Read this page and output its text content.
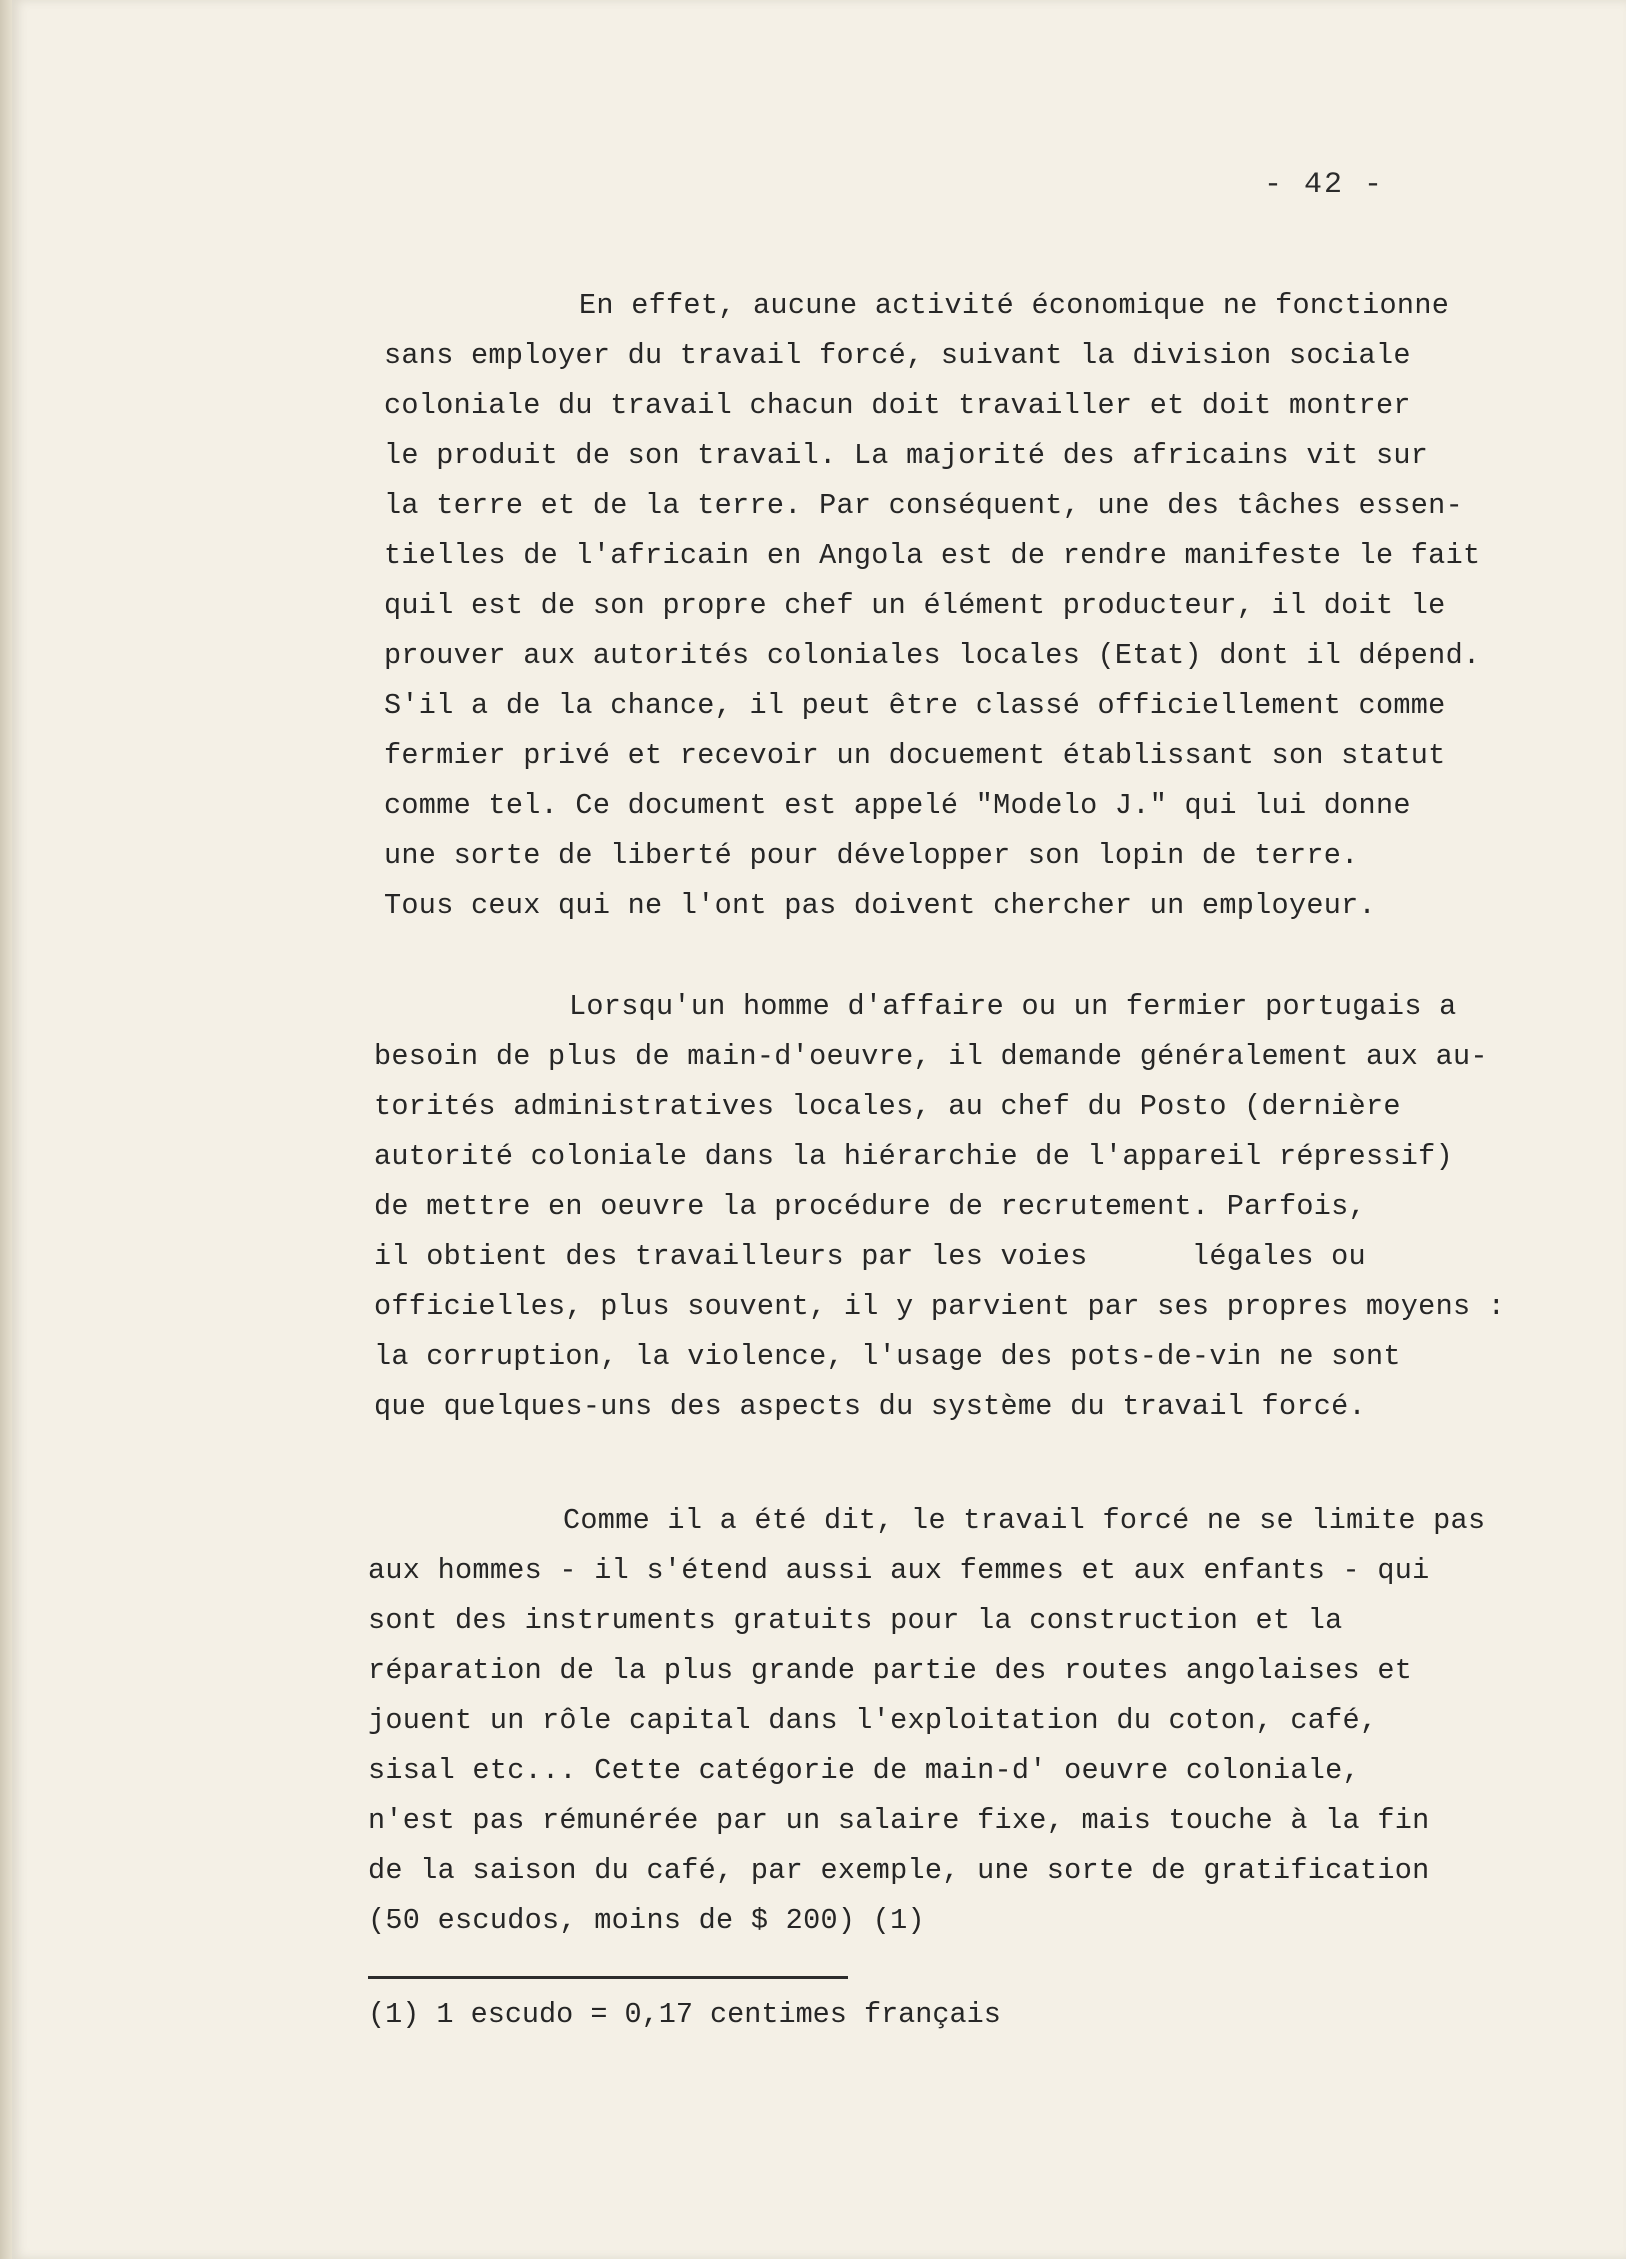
- 42 -

En effet, aucune activité économique ne fonctionne
sans employer du travail forcé, suivant la division sociale
coloniale du travail chacun doit travailler et doit montrer
le produit de son travail. La majorité des africains vit sur
la terre et de la terre. Par conséquent, une des tâches essen-
tielles de l'africain en Angola est de rendre manifeste le fait
quil est de son propre chef un élément producteur, il doit le
prouver aux autorités coloniales locales (Etat) dont il dépend.
S'il a de la chance, il peut être classé officiellement comme
fermier privé et recevoir un docuement établissant son statut
comme tel. Ce document est appelé "Modelo J." qui lui donne
une sorte de liberté pour développer son lopin de terre.
Tous ceux qui ne l'ont pas doivent chercher un employeur.
Lorsqu'un homme d'affaire ou un fermier portugais a
besoin de plus de main-d'oeuvre, il demande généralement aux au-
torités administratives locales, au chef du Posto (dernière
autorité coloniale dans la hiérarchie de l'appareil répressif)
de mettre en oeuvre la procédure de recrutement. Parfois,
il obtient des travailleurs par les voies      légales ou
officielles, plus souvent, il y parvient par ses propres moyens :
la corruption, la violence, l'usage des pots-de-vin ne sont
que quelques-uns des aspects du système du travail forcé.
Comme il a été dit, le travail forcé ne se limite pas
aux hommes - il s'étend aussi aux femmes et aux enfants - qui
sont des instruments gratuits pour la construction et la
réparation de la plus grande partie des routes angolaises et
jouent un rôle capital dans l'exploitation du coton, café,
sisal etc... Cette catégorie de main-d' oeuvre coloniale,
n'est pas rémunérée par un salaire fixe, mais touche à la fin
de la saison du café, par exemple, une sorte de gratification
(50 escudos, moins de $ 200) (1)

(1) 1 escudo = 0,17 centimes français
